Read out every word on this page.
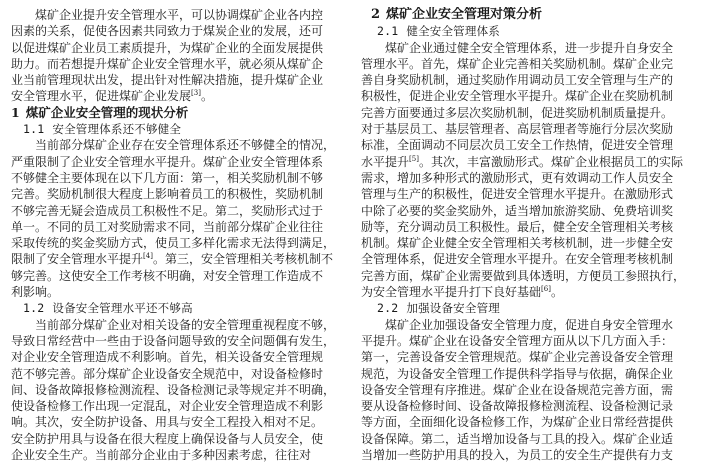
煤矿企业提升安全管理水平，可以协调煤矿企业各内控
因素的关系，促使各因素共同致力于煤炭企业的发展，还可
以促进煤矿企业员工素质提升，为煤矿企业的全面发展提供
助力。而若想提升煤矿企业安全管理水平，就必须从煤矿企
业当前管理现状出发，提出针对性解决措施，提升煤矿企业
安全管理水平，促进煤矿企业发展[3]。
1 煤矿企业安全管理的现状分析
1.1 安全管理体系还不够健全
当前部分煤矿企业存在安全管理体系还不够健全的情况，
严重限制了企业安全管理水平提升。煤矿企业安全管理体系
不够健全主要体现在以下几方面：第一，相关奖励机制不够
完善。奖励机制很大程度上影响着员工的积极性，奖励机制
不够完善无疑会造成员工积极性不足。第二，奖励形式过于
单一。不同的员工对奖励需求不同，当前部分煤矿企业往往
采取传统的奖金奖励方式，使员工多样化需求无法得到满足，
限制了安全管理水平提升[4]。第三，安全管理相关考核机制不
够完善。这使安全工作考核不明确，对安全管理工作造成不
利影响。
1.2 设备安全管理水平还不够高
当前部分煤矿企业对相关设备的安全管理重视程度不够，
导致日常经营中一些由于设备问题导致的安全问题偶有发生，
对企业安全管理造成不利影响。首先，相关设备安全管理规
范不够完善。部分煤矿企业设备安全规范中，对设备检修时
间、设备故障报修检测流程、设备检测记录等规定并不明确，
使设备检修工作出现一定混乱，对企业安全管理造成不利影
响。其次，安全防护设备、用具与安全工程投入相对不足。
安全防护用具与设备在很大程度上确保设备与人员安全，使
企业安全生产。当前部分企业由于多种因素考虑，往往对
2 煤矿企业安全管理对策分析
2.1 健全安全管理体系
煤矿企业通过健全安全管理体系，进一步提升自身安全
管理水平。首先，煤矿企业完善相关奖励机制。煤矿企业完
善自身奖励机制，通过奖励作用调动员工安全管理与生产的
积极性，促进企业安全管理水平提升。煤矿企业在奖励机制
完善方面要通过多层次奖励机制，促进奖励机制质量提升。
对于基层员工、基层管理者、高层管理者等施行分层次奖励
标准，全面调动不同层次员工安全工作热情，促进安全管理
水平提升[5]。其次，丰富激励形式。煤矿企业根据员工的实际
需求，增加多种形式的激励形式，更有效调动工作人员安全
管理与生产的积极性，促进安全管理水平提升。在激励形式
中除了必要的奖金奖励外，适当增加旅游奖励、免费培训奖
励等，充分调动员工积极性。最后，健全安全管理相关考核
机制。煤矿企业健全安全管理相关考核机制，进一步健全安
全管理体系，促进安全管理水平提升。在安全管理考核机制
完善方面，煤矿企业需要做到具体透明，方便员工参照执行，
为安全管理水平提升打下良好基础[6]。
2.2 加强设备安全管理
煤矿企业加强设备安全管理力度，促进自身安全管理水
平提升。煤矿企业在设备安全管理方面从以下几方面入手：
第一，完善设备安全管理规范。煤矿企业完善设备安全管理
规范，为设备安全管理工作提供科学指导与依据，确保企业
设备安全管理有序推进。煤矿企业在设备规范完善方面，需
要从设备检修时间、设备故障报修检测流程、设备检测记录
等方面，全面细化设备检修工作，为煤矿企业日常经营提供
设备保障。第二，适当增加设备与工具的投入。煤矿企业适
当增加一些防护用具的投入，为员工的安全生产提供有力支
